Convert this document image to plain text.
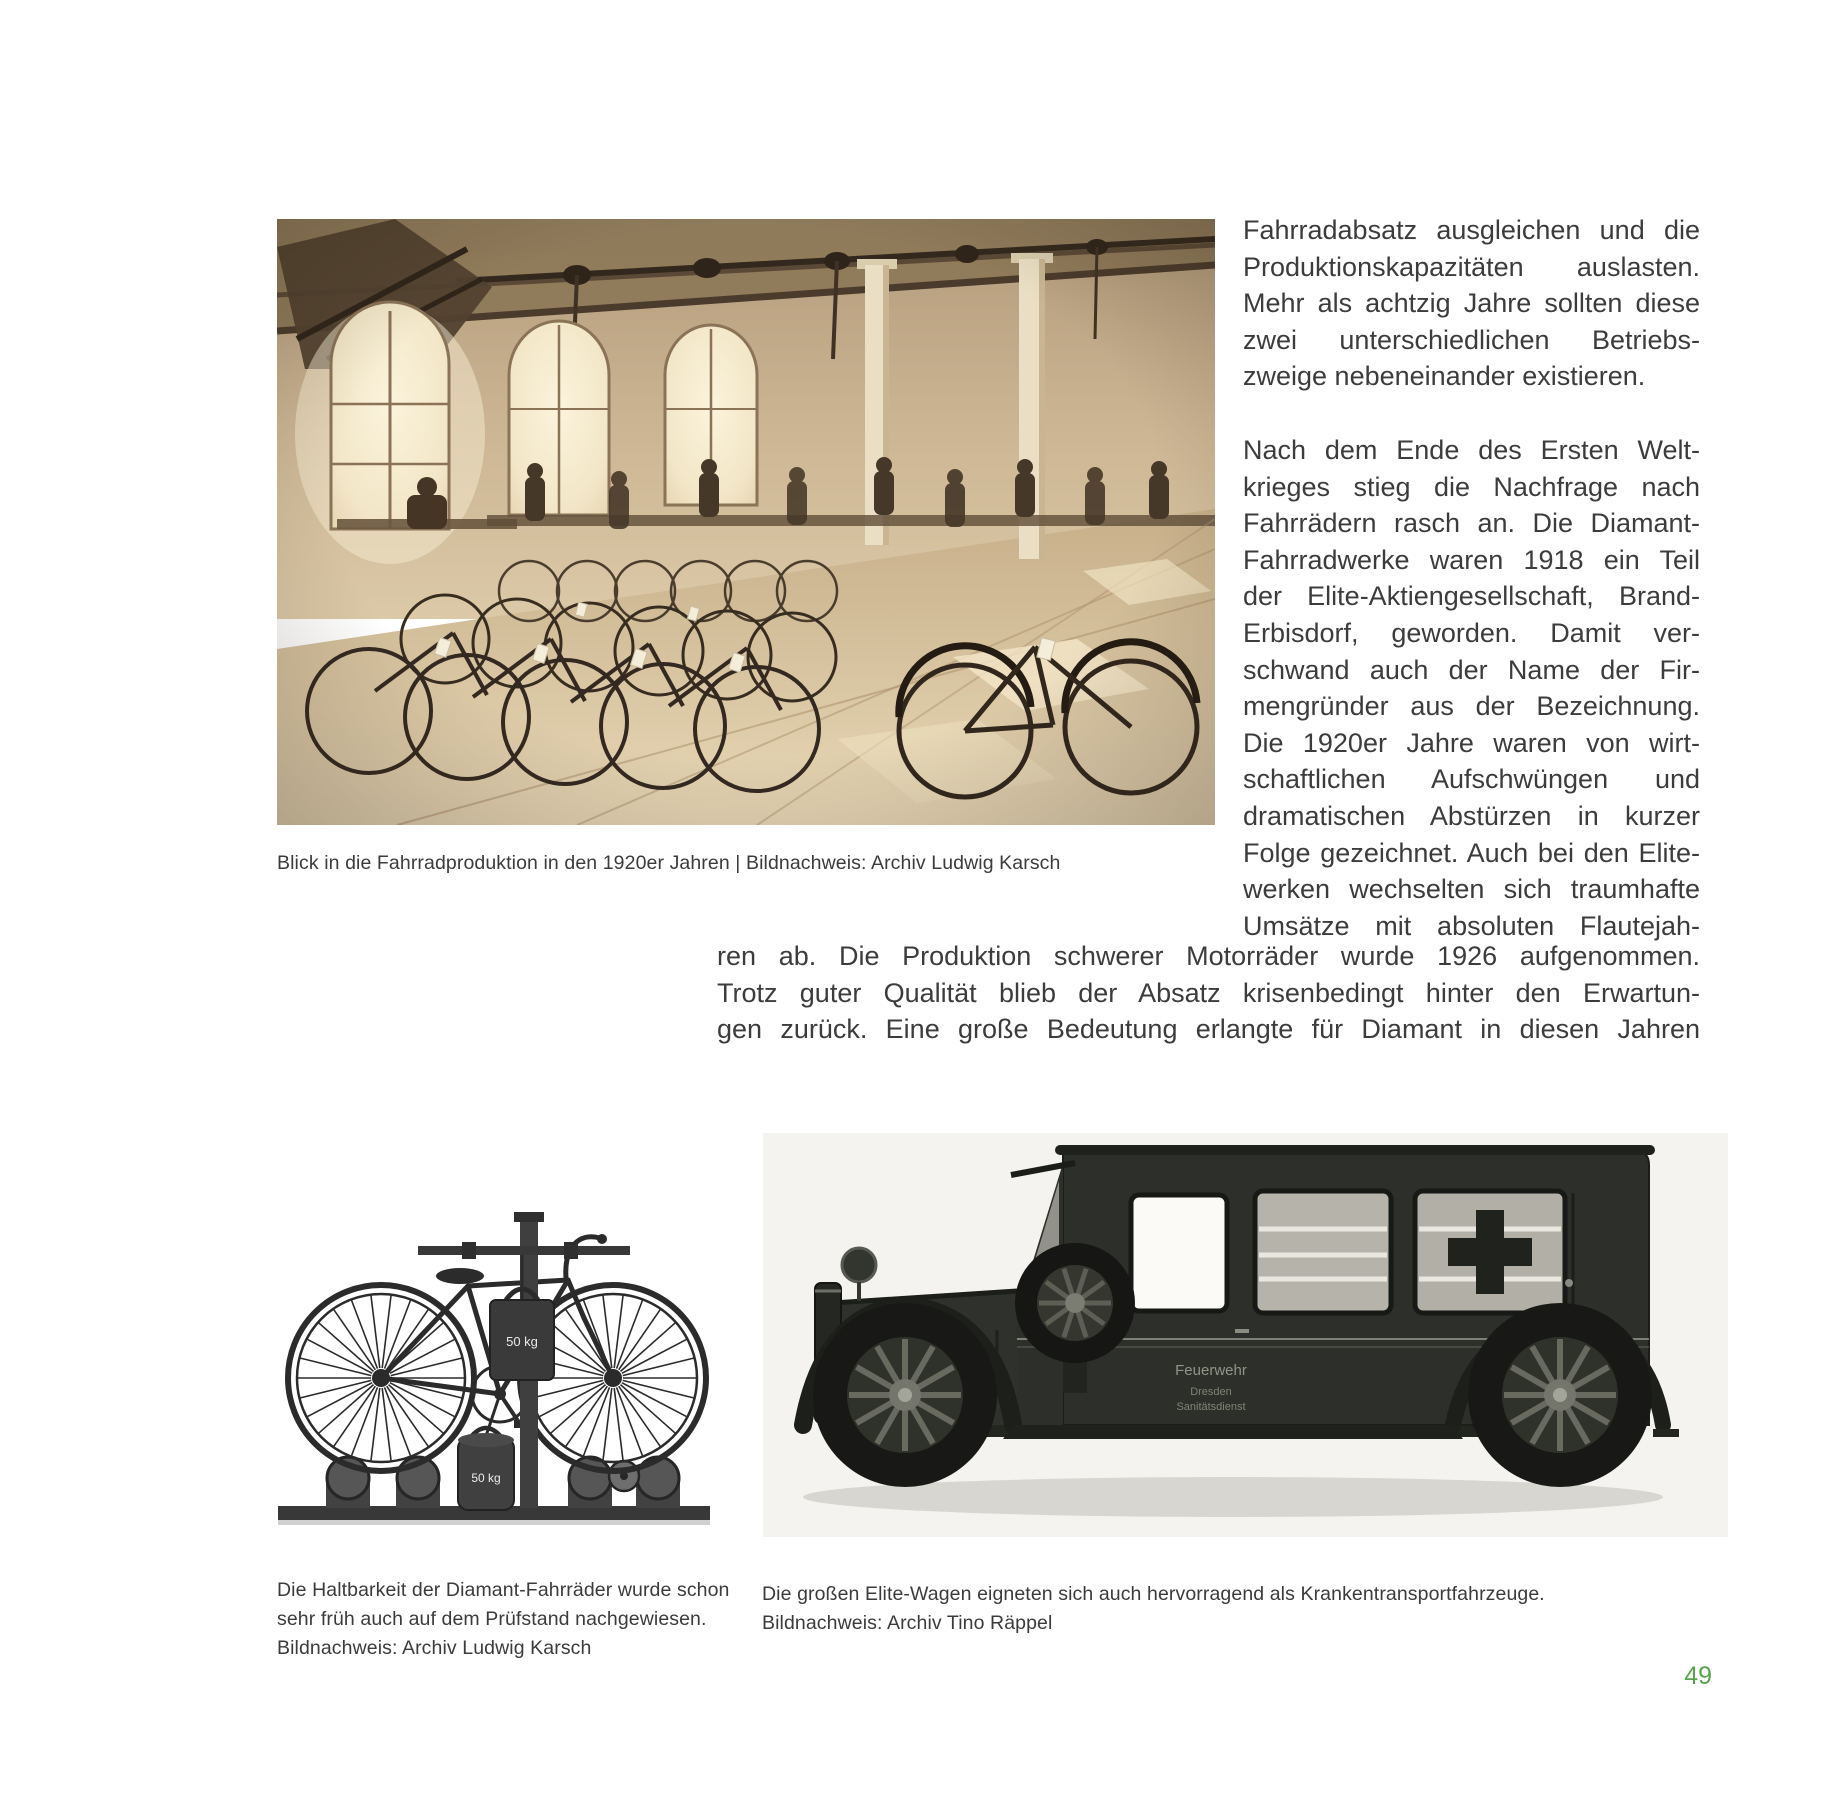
Blick in die Fahrradproduktion in den 1920er Jahren | Bildnachweis: Archiv Ludwig Karsch
Fahrradabsatz ausgleichen und die
Produktionskapazitäten auslasten.
Mehr als achtzig Jahre sollten diese
zwei unterschiedlichen Betriebs-
zweige nebeneinander existieren.
Nach dem Ende des Ersten Welt-
krieges stieg die Nachfrage nach
Fahrrädern rasch an. Die Diamant-
Fahrradwerke waren 1918 ein Teil
der Elite-Aktiengesellschaft, Brand-
Erbisdorf, geworden. Damit ver-
schwand auch der Name der Fir-
mengründer aus der Bezeichnung.
Die 1920er Jahre waren von wirt-
schaftlichen Aufschwüngen und
dramatischen Abstürzen in kurzer
Folge gezeichnet. Auch bei den Elite-
werken wechselten sich traumhafte
Umsätze mit absoluten Flautejah-
ren ab. Die Produktion schwerer Motorräder wurde 1926 aufgenommen.
Trotz guter Qualität blieb der Absatz krisenbedingt hinter den Erwartun-
gen zurück. Eine große Bedeutung erlangte für Diamant in diesen Jahren
50 kg
50 kg
Feuerwehr
Dresden
Sanitätsdienst
Die Haltbarkeit der Diamant-Fahrräder wurde schon
sehr früh auch auf dem Prüfstand nachgewiesen.
Bildnachweis: Archiv Ludwig Karsch
Die großen Elite-Wagen eigneten sich auch hervorragend als Krankentransportfahrzeuge.
Bildnachweis: Archiv Tino Räppel
49
